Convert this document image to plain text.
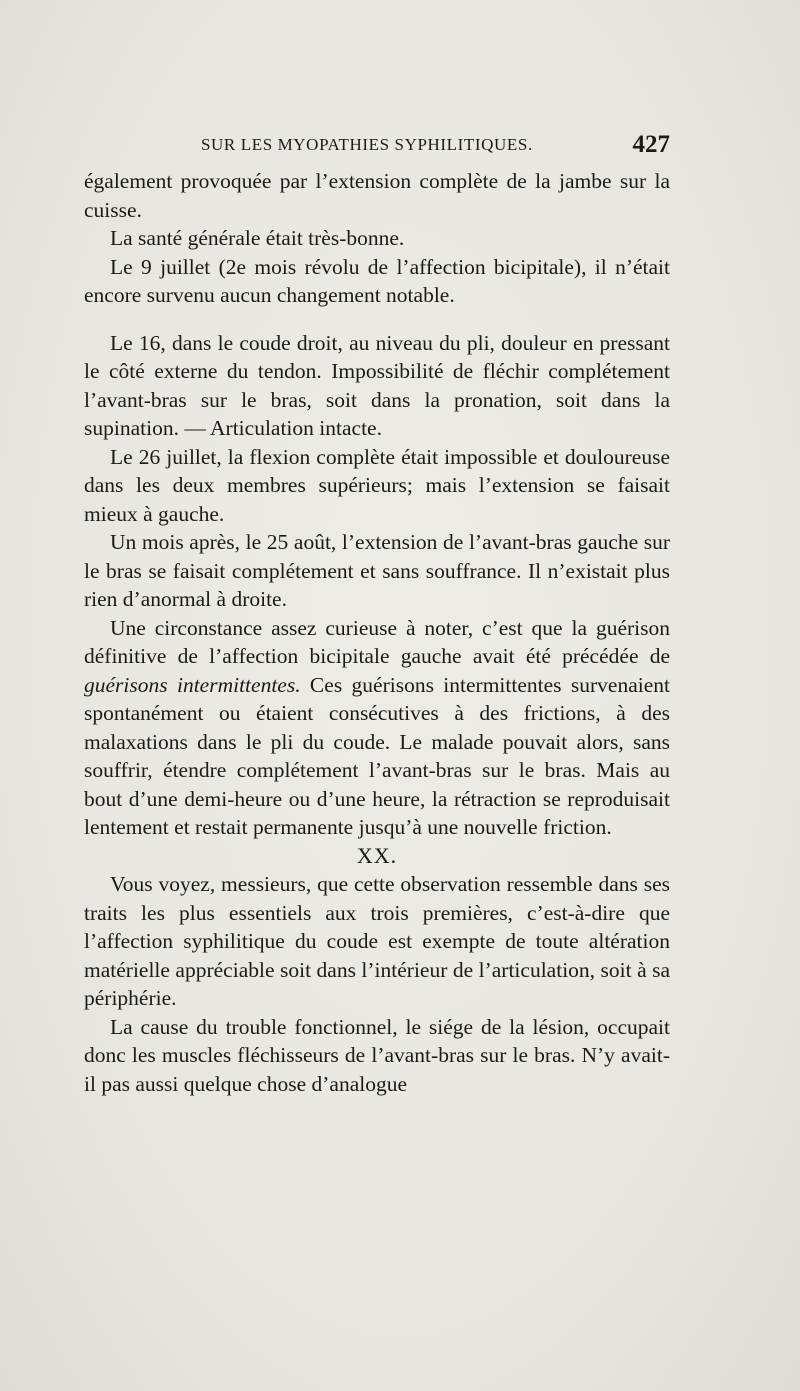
SUR LES MYOPATHIES SYPHILITIQUES.	427

également provoquée par l’extension complète de la jambe sur la cuisse.

La santé générale était très-bonne.

Le 9 juillet (2e mois révolu de l’affection bicipitale), il n’était encore survenu aucun changement notable.

Le 16, dans le coude droit, au niveau du pli, douleur en pressant le côté externe du tendon. Impossibilité de fléchir complétement l’avant-bras sur le bras, soit dans la pronation, soit dans la supination. — Articulation intacte.

Le 26 juillet, la flexion complète était impossible et douloureuse dans les deux membres supérieurs; mais l’extension se faisait mieux à gauche.

Un mois après, le 25 août, l’extension de l’avant-bras gauche sur le bras se faisait complétement et sans souffrance. Il n’existait plus rien d’anormal à droite.

Une circonstance assez curieuse à noter, c’est que la guérison définitive de l’affection bicipitale gauche avait été précédée de guérisons intermittentes. Ces guérisons intermittentes survenaient spontanément ou étaient consécutives à des frictions, à des malaxations dans le pli du coude. Le malade pouvait alors, sans souffrir, étendre complétement l’avant-bras sur le bras. Mais au bout d’une demi-heure ou d’une heure, la rétraction se reproduisait lentement et restait permanente jusqu’à une nouvelle friction.

XX.

Vous voyez, messieurs, que cette observation ressemble dans ses traits les plus essentiels aux trois premières, c’est-à-dire que l’affection syphilitique du coude est exempte de toute altération matérielle appréciable soit dans l’intérieur de l’articulation, soit à sa périphérie.

La cause du trouble fonctionnel, le siége de la lésion, occupait donc les muscles fléchisseurs de l’avant-bras sur le bras. N’y avait-il pas aussi quelque chose d’analogue
